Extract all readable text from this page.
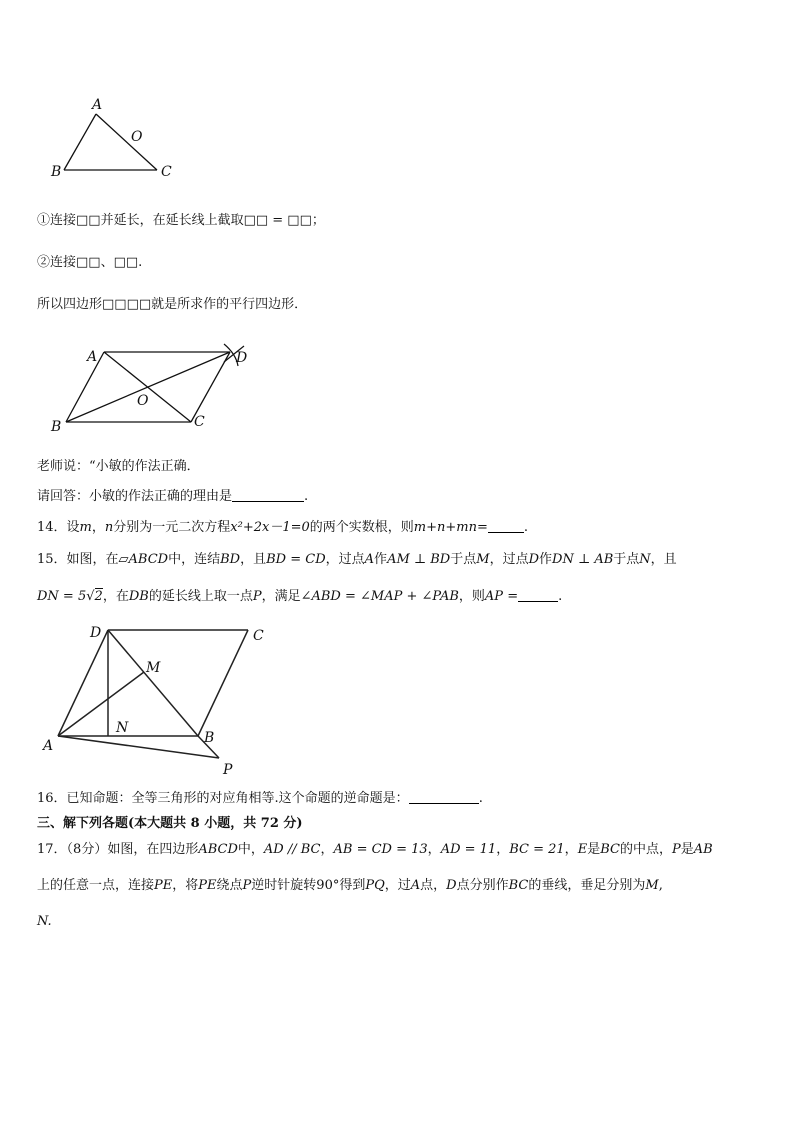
A
B	C
O
①连接□□并延长，在延长线上截取□□ = □□；
②连接□□、□□.
所以四边形□□□□就是所求作的平行四边形．
A
B	C
D
O
老师说：“小敏的作法正确．
请回答：小敏的作法正确的理由是	.
14．设m，n分别为一元二次方程x²+2x－1=0的两个实数根，则m+n+mn=	.
15．如图，在▱ABCD中，连结BD，且BD = CD，过点A作AM ⊥ BD于点M，过点D作DN ⊥ AB于点N，且
DN = 5√2，在DB的延长线上取一点P，满足∠ABD = ∠MAP + ∠PAB，则AP =	.
D	C
M
N
A	B
P
16．已知命题：全等三角形的对应角相等.这个命题的逆命题是：	.
三、解下列各题(本大题共 8 小题，共 72 分)
17．（8分）如图，在四边形ABCD中，AD // BC，AB = CD = 13，AD = 11，BC = 21，E是BC的中点，P是AB
上的任意一点，连接PE，将PE绕点P逆时针旋转90°得到PQ，过A点，D点分别作BC的垂线，垂足分别为M,
N.
